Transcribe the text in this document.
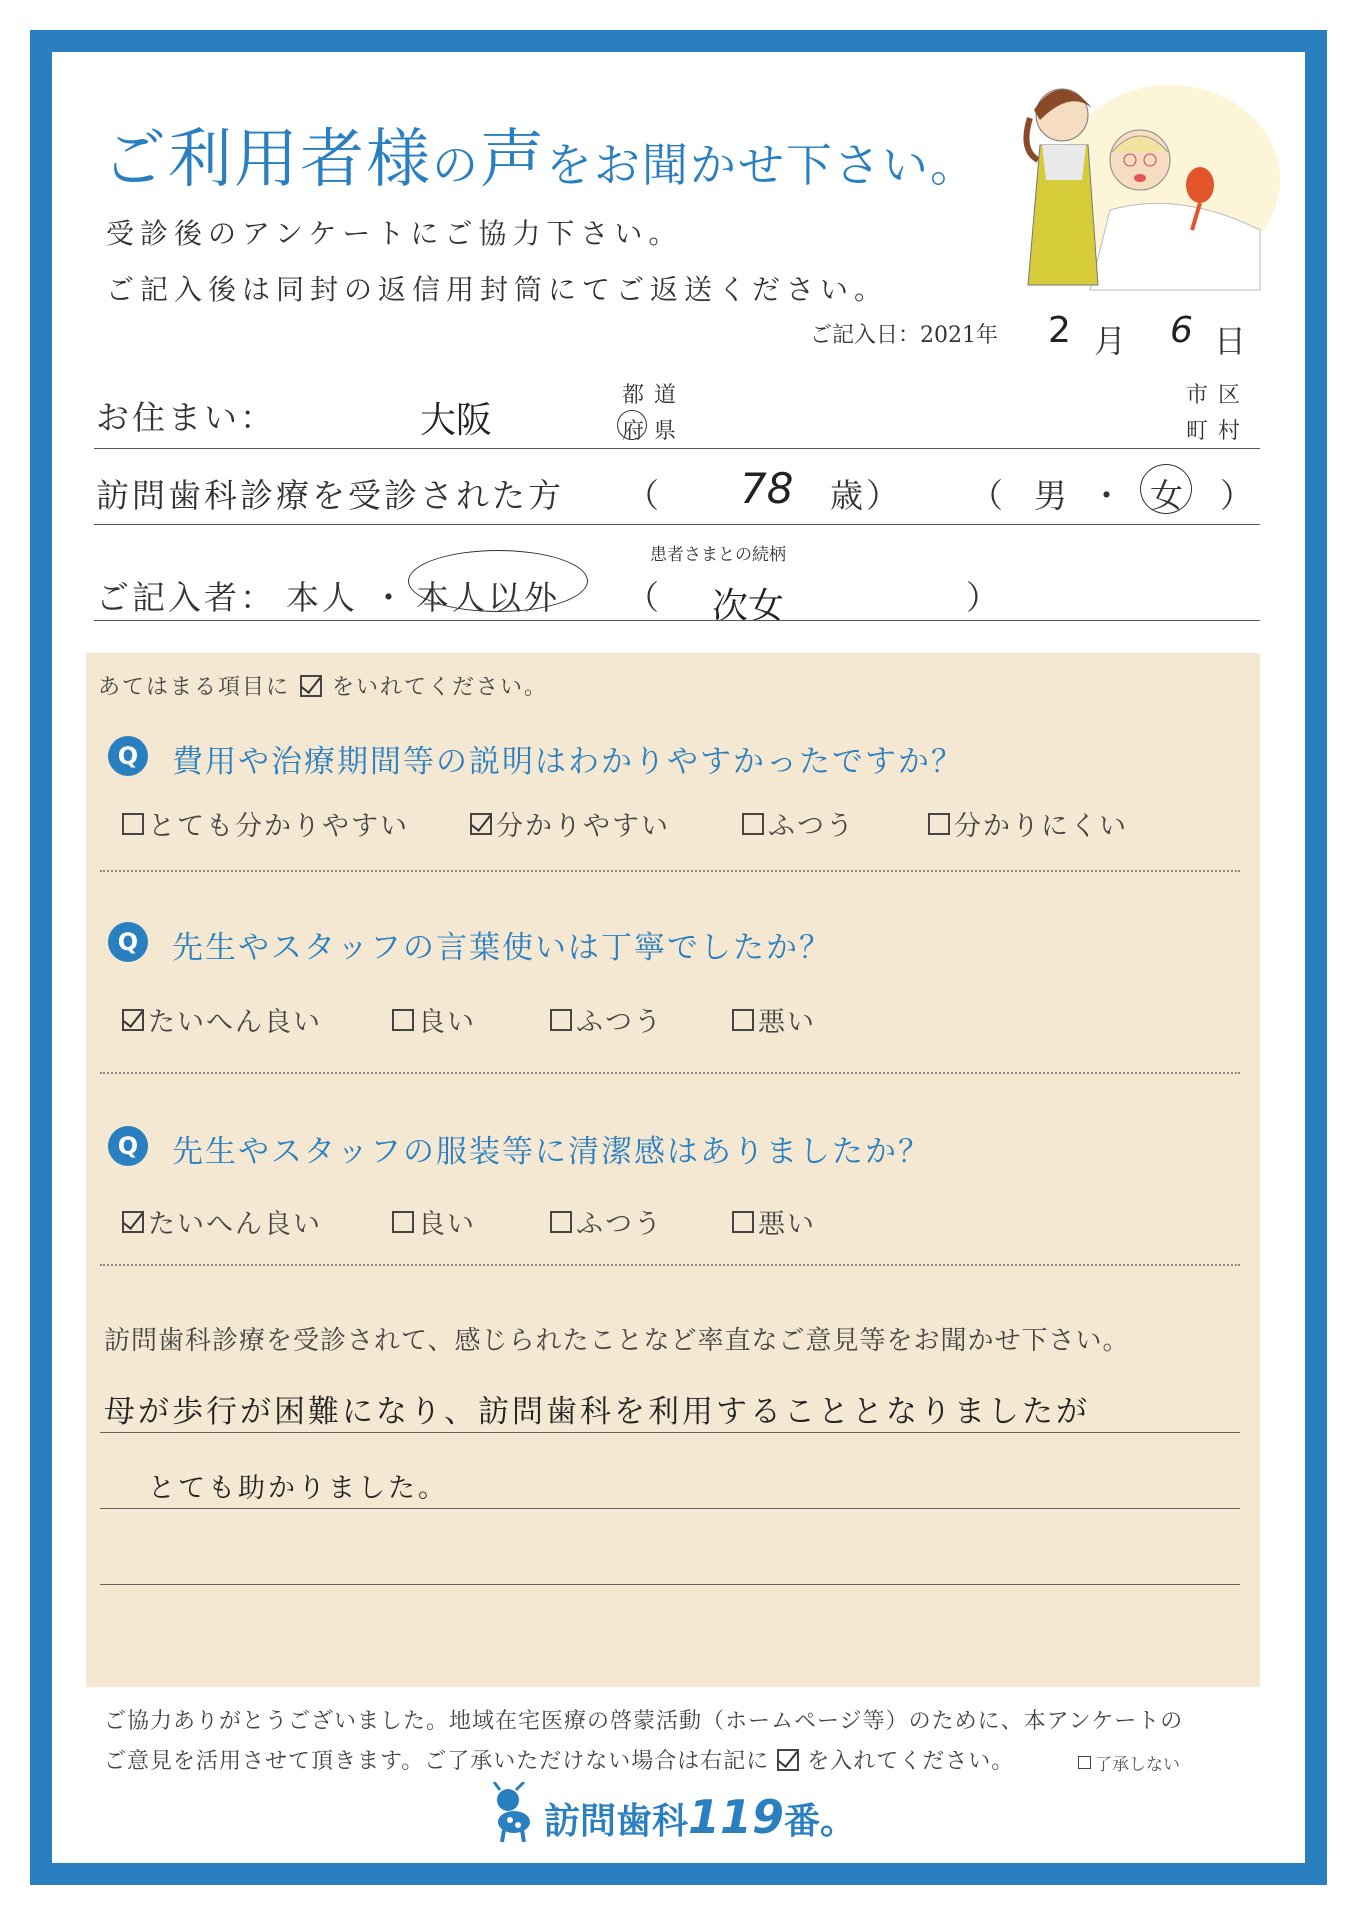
ご利用者様の声をお聞かせ下さい。
受診後のアンケートにご協力下さい。
ご記入後は同封の返信用封筒にてご返送ください。
ご記入日：2021年 2 月 6 日
お住まい：	大阪
都 道
府 県
市 区
町 村
訪問歯科診療を受診された方 （ 78 歳） （ 男 ・ 女 ）
患者さまとの続柄
ご記入者： 本人 ・ 本人以外 （ 次女	）
あてはまる項目に をいれてください。
Q	費用や治療期間等の説明はわかりやすかったですか？
とても分かりやすい	分かりやすい	ふつう	分かりにくい
Q	先生やスタッフの言葉使いは丁寧でしたか？
たいへん良い	良い	ふつう	悪い
Q	先生やスタッフの服装等に清潔感はありましたか？
たいへん良い	良い	ふつう	悪い
訪問歯科診療を受診されて、感じられたことなど率直なご意見等をお聞かせ下さい。
母が歩行が困難になり、訪問歯科を利用することとなりましたが
とても助かりました。
ご協力ありがとうございました。地域在宅医療の啓蒙活動（ホームページ等）のために、本アンケートの
ご意見を活用させて頂きます。ご了承いただけない場合は右記に を入れてください。	了承しない
訪問歯科119番。
